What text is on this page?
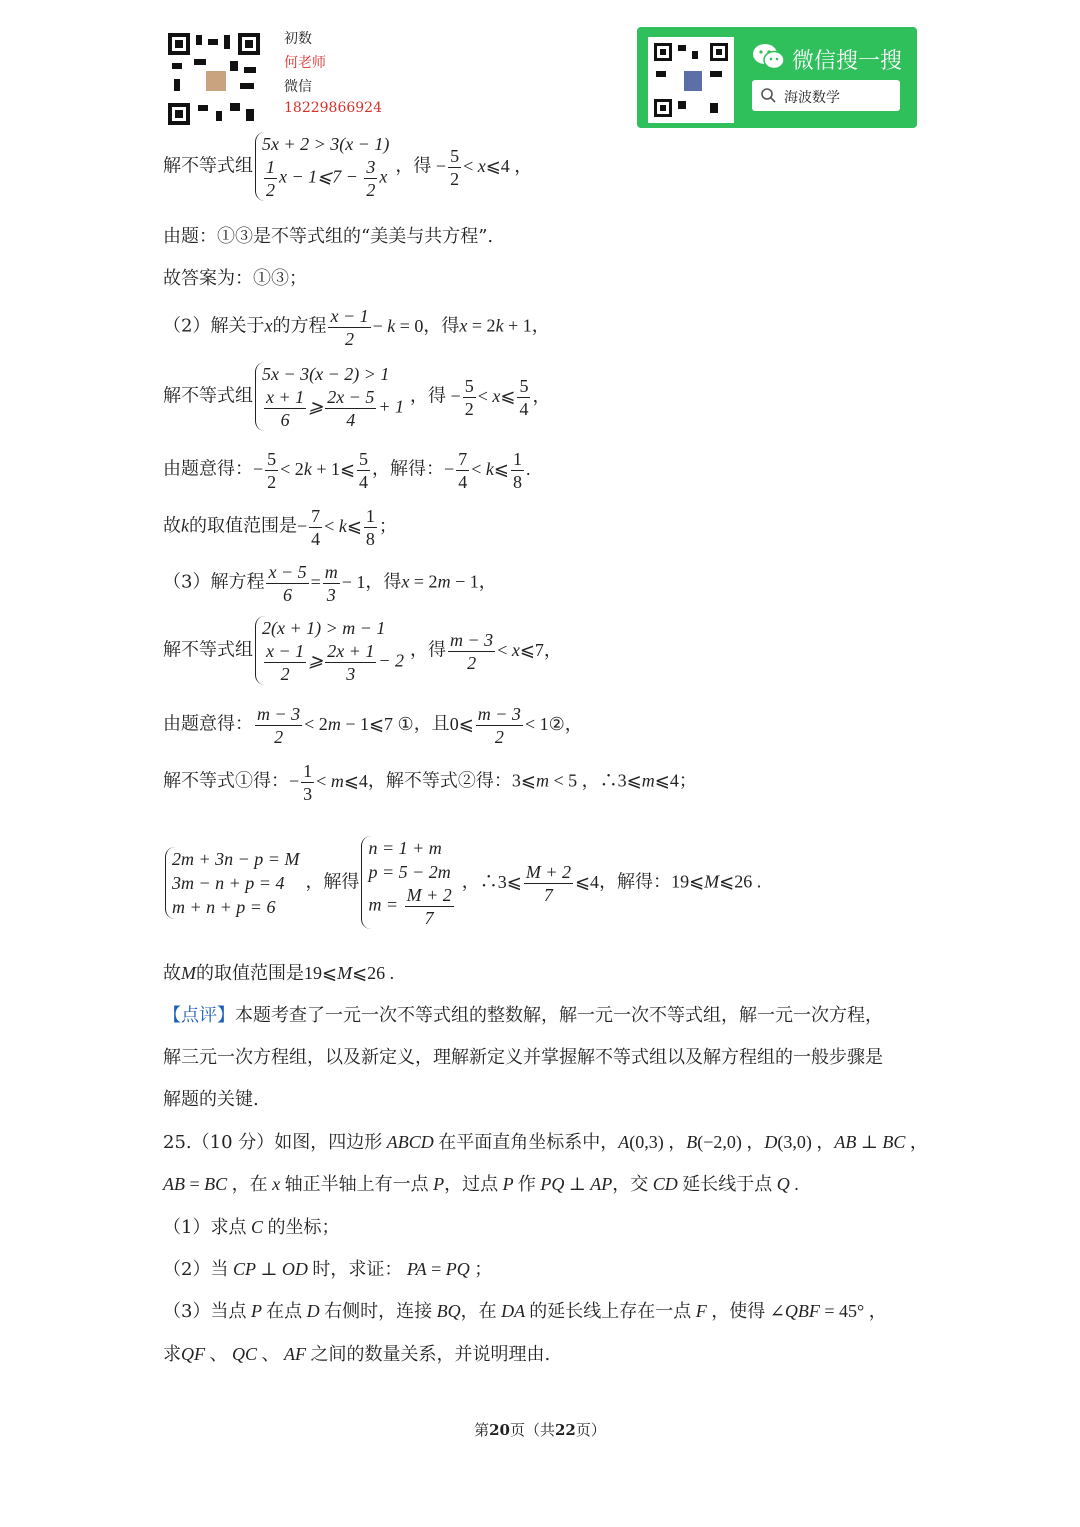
初数
何老师
微信
18229866924
微信搜一搜
海波数学
解不等式组
5x + 2 > 3(x − 1)
$\frac{1}{2}$ x − 1⩽7 − $\frac{3}{2}$ x
，得 − $\frac{5}{2}$ < x⩽4 ，
由题：①③是不等式组的“美美与共方程”.
故答案为：①③；
（2）解关于x的方程 $\frac{x - 1}{2} - k = 0$，得x = 2k + 1，
解不等式组
5x − 3(x − 2) > 1
$\frac{x + 1}{6}$ ⩾ $\frac{2x - 5}{4} + 1$
，得 − $\frac{5}{2}$ < x⩽ $\frac{5}{4}$ ，
由题意得：− $\frac{5}{2} < 2k$ + 1⩽ $\frac{5}{4}$ ，解得：− $\frac{7}{4}$ < k⩽ $\frac{1}{8}$ .
故k的取值范围是− $\frac{7}{4}$ < k⩽ $\frac{1}{8}$ ；
（3）解方程 $\frac{x - 5}{6} = \frac{m}{3} - 1$，得x = 2m − 1，
解不等式组
2(x + 1) > m − 1
$\frac{x - 1}{2}$ ⩾ $\frac{2x + 1}{3} - 2$
，得 $\frac{m - 3}{2}$ < x⩽7，
由题意得： $\frac{m - 3}{2} < 2m$ − 1⩽7 ①，且0⩽ $\frac{m - 3}{2}$ < 1②，
解不等式①得：− $\frac{1}{3}$ < m⩽4，解不等式②得：3⩽m < 5 ，∴3⩽m⩽4；
2m + 3n − p = M
3m − n + p = 4
m + n + p = 6
，解得
n = 1 + m
p = 5 − 2m
$m = \frac{M + 2}{7}$
，∴3⩽ $\frac{M + 2}{7}$ ⩽4，解得：19⩽M⩽26 .
故M的取值范围是19⩽M⩽26 .
【点评】本题考查了一元一次不等式组的整数解，解一元一次不等式组，解一元一次方程，
解三元一次方程组，以及新定义，理解新定义并掌握解不等式组以及解方程组的一般步骤是
解题的关键.
25.（10 分）如图，四边形 ABCD 在平面直角坐标系中，A(0,3) ，B(−2,0) ，D(3,0) ，AB ⊥ BC ，
AB = BC ，在 x 轴正半轴上有一点 P，过点 P 作 PQ ⊥ AP，交 CD 延长线于点 Q .
（1）求点 C 的坐标；
（2）当 CP ⊥ OD 时，求证： PA = PQ ；
（3）当点 P 在点 D 右侧时，连接 BQ，在 DA 的延长线上存在一点 F ，使得 ∠QBF = 45° ，
求QF 、 QC 、 AF 之间的数量关系，并说明理由.
第20页（共22页）
